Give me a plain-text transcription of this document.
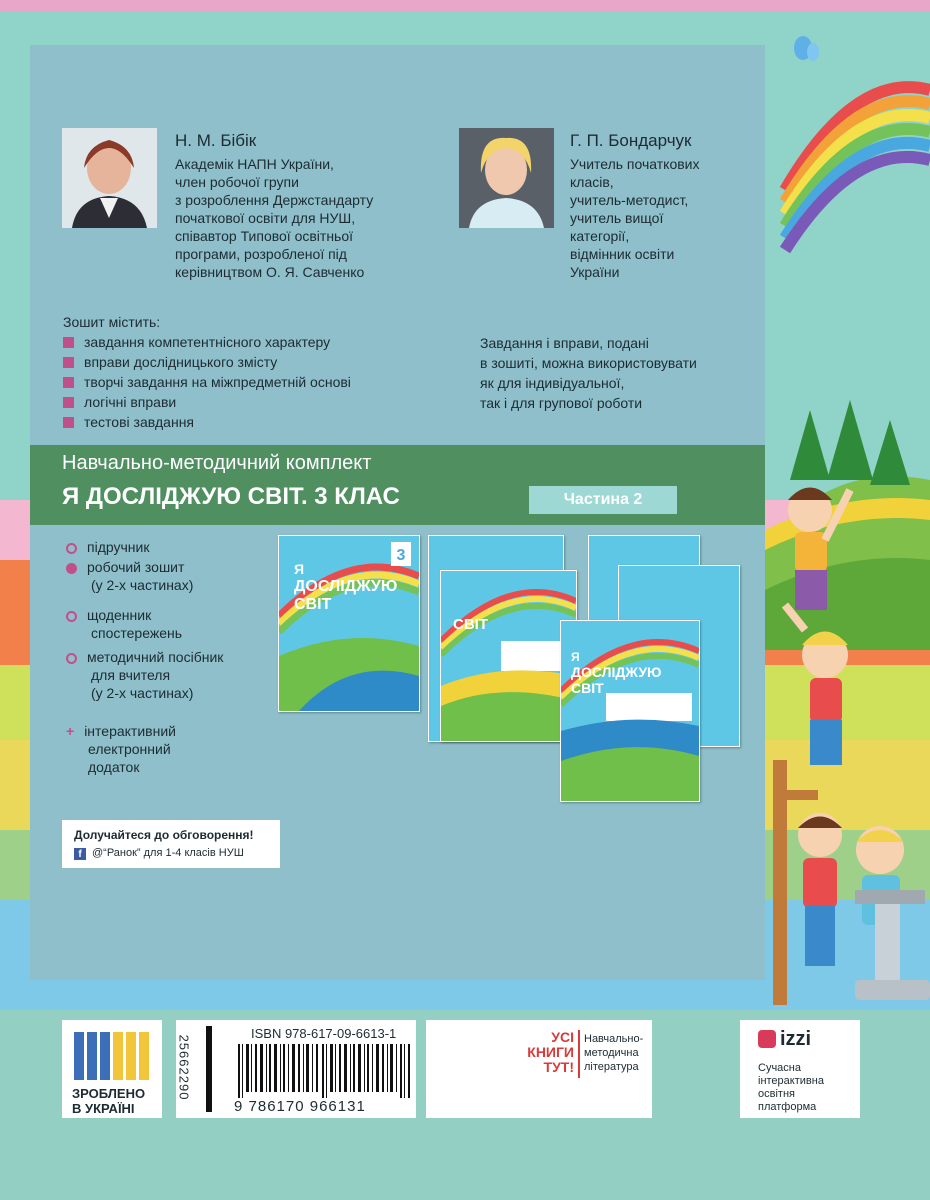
Н. М. Бібік
Академік НАПН України,
член робочої групи
з розроблення Держстандарту
початкової освіти для НУШ,
співавтор Типової освітньої
програми, розробленої під
керівництвом О. Я. Савченко
Г. П. Бондарчук
Учитель початкових
класів,
учитель-методист,
учитель вищої
категорії,
відмінник освіти
України
Зошит містить:
завдання компетентнісного характеру
вправи дослідницького змісту
творчі завдання на міжпредметній основі
логічні вправи
тестові завдання
Завдання і вправи, подані
в зошиті, можна використовувати
як для індивідуальної,
так і для групової роботи
Навчально-методичний комплект
Я ДОСЛІДЖУЮ СВІТ. 3 КЛАС	Частина 2
підручник
робочий зошит
(у 2-х частинах)
щоденник
спостережень
методичний посібник
для вчителя
(у 2-х частинах)
+ інтерактивний
електронний
додаток
3
Я
ДОСЛІДЖУЮ
СВІТ
СВІТ
Я
ДОСЛІДЖУЮ
СВІТ
Долучайтеся до обговорення!
f @“Ранок” для 1-4 класів НУШ
ЗРОБЛЕНО
В УКРАЇНІ
25662290
ISBN 978-617-09-6613-1
9 786170 966131
УСІ
КНИГИ
ТУТ!
Навчально-
методична
література
izzi
Сучасна
інтерактивна
освітня
платформа
